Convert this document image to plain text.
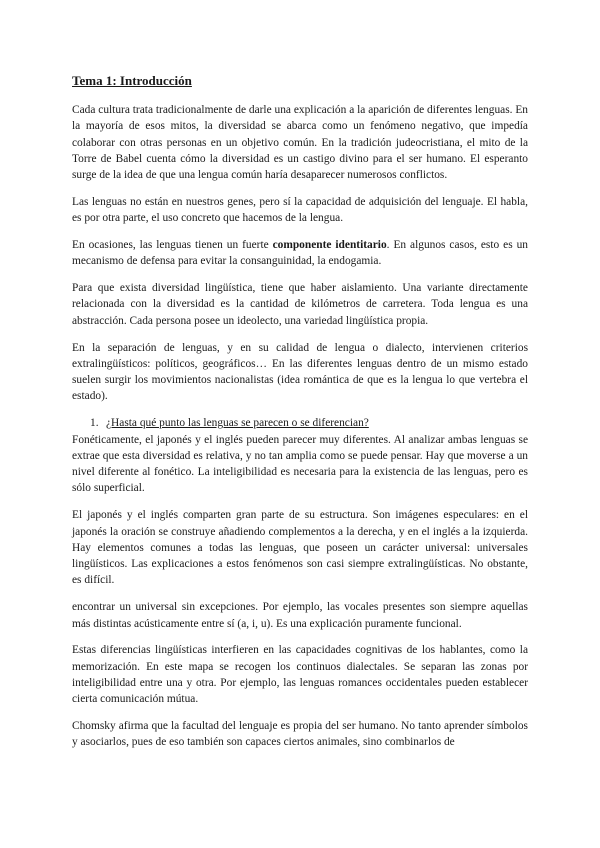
Tema 1: Introducción

Cada cultura trata tradicionalmente de darle una explicación a la aparición de diferentes lenguas. En la mayoría de esos mitos, la diversidad se abarca como un fenómeno negativo, que impedía colaborar con otras personas en un objetivo común. En la tradición judeocristiana, el mito de la Torre de Babel cuenta cómo la diversidad es un castigo divino para el ser humano. El esperanto surge de la idea de que una lengua común haría desaparecer numerosos conflictos.

Las lenguas no están en nuestros genes, pero sí la capacidad de adquisición del lenguaje. El habla, es por otra parte, el uso concreto que hacemos de la lengua.

En ocasiones, las lenguas tienen un fuerte componente identitario. En algunos casos, esto es un mecanismo de defensa para evitar la consanguinidad, la endogamia.

Para que exista diversidad lingüística, tiene que haber aislamiento. Una variante directamente relacionada con la diversidad es la cantidad de kilómetros de carretera. Toda lengua es una abstracción. Cada persona posee un ideolecto, una variedad lingüística propia.

En la separación de lenguas, y en su calidad de lengua o dialecto, intervienen criterios extralingüísticos: políticos, geográficos… En las diferentes lenguas dentro de un mismo estado suelen surgir los movimientos nacionalistas (idea romántica de que es la lengua lo que vertebra el estado).

1. ¿Hasta qué punto las lenguas se parecen o se diferencian?

Fonéticamente, el japonés y el inglés pueden parecer muy diferentes. Al analizar ambas lenguas se extrae que esta diversidad es relativa, y no tan amplia como se puede pensar. Hay que moverse a un nivel diferente al fonético. La inteligibilidad es necesaria para la existencia de las lenguas, pero es sólo superficial.

El japonés y el inglés comparten gran parte de su estructura. Son imágenes especulares: en el japonés la oración se construye añadiendo complementos a la derecha, y en el inglés a la izquierda. Hay elementos comunes a todas las lenguas, que poseen un carácter universal: universales lingüísticos. Las explicaciones a estos fenómenos son casi siempre extralingüísticas. No obstante, es difícil.

encontrar un universal sin excepciones. Por ejemplo, las vocales presentes son siempre aquellas más distintas acústicamente entre sí (a, i, u). Es una explicación puramente funcional.

Estas diferencias lingüísticas interfieren en las capacidades cognitivas de los hablantes, como la memorización. En este mapa se recogen los continuos dialectales. Se separan las zonas por inteligibilidad entre una y otra. Por ejemplo, las lenguas romances occidentales pueden establecer cierta comunicación mútua.

Chomsky afirma que la facultad del lenguaje es propia del ser humano. No tanto aprender símbolos y asociarlos, pues de eso también son capaces ciertos animales, sino combinarlos de
